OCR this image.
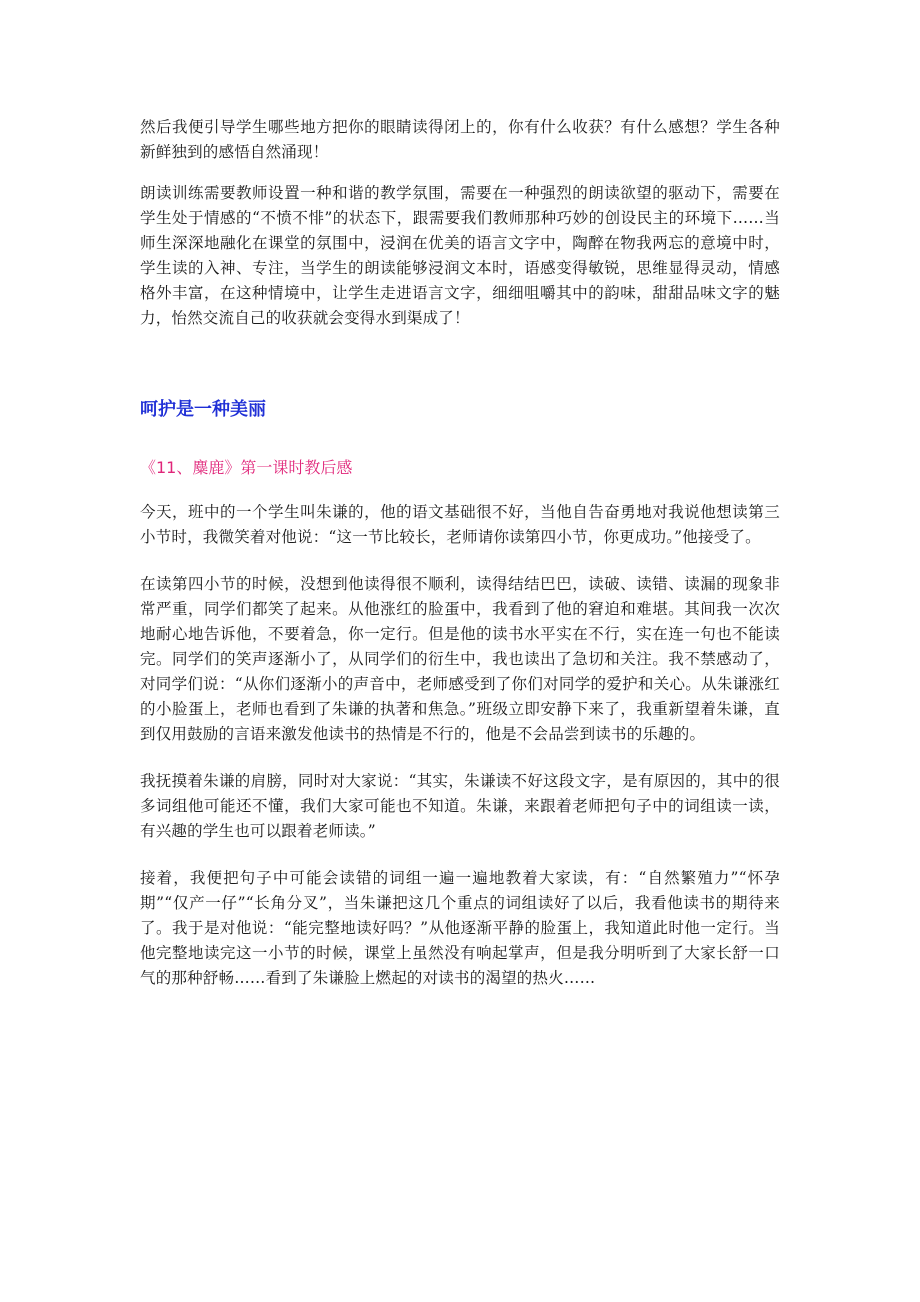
然后我便引导学生哪些地方把你的眼睛读得闭上的，你有什么收获？有什么感想？学生各种新鲜独到的感悟自然涌现！

朗读训练需要教师设置一种和谐的教学氛围，需要在一种强烈的朗读欲望的驱动下，需要在学生处于情感的“不愤不悱”的状态下，跟需要我们教师那种巧妙的创设民主的环境下……当师生深深地融化在课堂的氛围中，浸润在优美的语言文字中，陶醉在物我两忘的意境中时，学生读的入神、专注，当学生的朗读能够浸润文本时，语感变得敏锐，思维显得灵动，情感格外丰富，在这种情境中，让学生走进语言文字，细细咀嚼其中的韵味，甜甜品味文字的魅力，怡然交流自己的收获就会变得水到渠成了！

呵护是一种美丽
《11、麋鹿》第一课时教后感

今天，班中的一个学生叫朱谦的，他的语文基础很不好，当他自告奋勇地对我说他想读第三小节时，我微笑着对他说：“这一节比较长，老师请你读第四小节，你更成功。”他接受了。

在读第四小节的时候，没想到他读得很不顺利，读得结结巴巴，读破、读错、读漏的现象非常严重，同学们都笑了起来。从他涨红的脸蛋中，我看到了他的窘迫和难堪。其间我一次次地耐心地告诉他，不要着急，你一定行。但是他的读书水平实在不行，实在连一句也不能读完。同学们的笑声逐渐小了，从同学们的衍生中，我也读出了急切和关注。我不禁感动了，对同学们说：“从你们逐渐小的声音中，老师感受到了你们对同学的爱护和关心。从朱谦涨红的小脸蛋上，老师也看到了朱谦的执著和焦急。”班级立即安静下来了，我重新望着朱谦，直到仅用鼓励的言语来激发他读书的热情是不行的，他是不会品尝到读书的乐趣的。

我抚摸着朱谦的肩膀，同时对大家说：“其实，朱谦读不好这段文字，是有原因的，其中的很多词组他可能还不懂，我们大家可能也不知道。朱谦，来跟着老师把句子中的词组读一读，有兴趣的学生也可以跟着老师读。”

接着，我便把句子中可能会读错的词组一遍一遍地教着大家读，有：“自然繁殖力”“怀孕期”“仅产一仔”“长角分叉”，当朱谦把这几个重点的词组读好了以后，我看他读书的期待来了。我于是对他说：“能完整地读好吗？”从他逐渐平静的脸蛋上，我知道此时他一定行。当他完整地读完这一小节的时候，课堂上虽然没有响起掌声，但是我分明听到了大家长舒一口气的那种舒畅……看到了朱谦脸上燃起的对读书的渴望的热火……
